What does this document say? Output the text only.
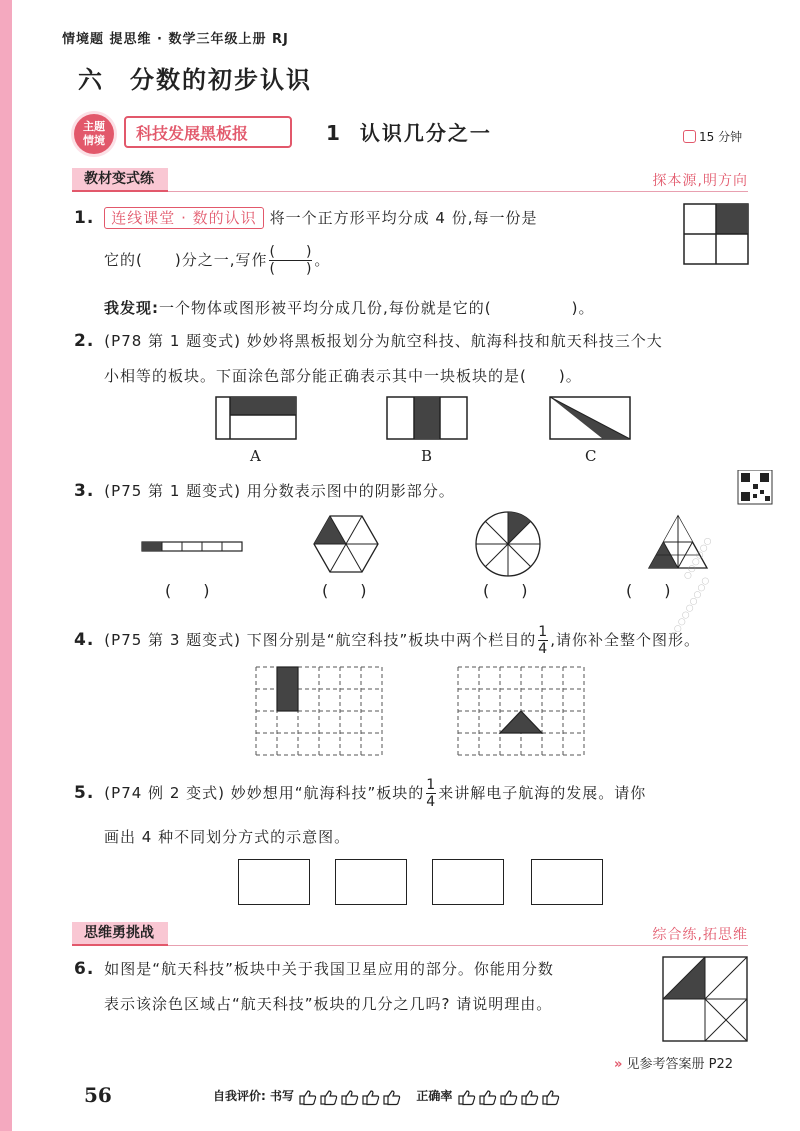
情境题 提思维 · 数学三年级上册 RJ
六 分数的初步认识
主题
情境	科技发展黑板报	1 认识几分之一	15 分钟
教材变式练	探本源,明方向
1. 连线课堂 · 数的认识 将一个正方形平均分成 4 份,每一份是
它的(　　)分之一,写作 $\frac{( )}{( )}$ 。
我发现:一个物体或图形被平均分成几份,每份就是它的(　　　　　)。
2. (P78 第 1 题变式) 妙妙将黑板报划分为航空科技、航海科技和航天科技三个大
小相等的板块。下面涂色部分能正确表示其中一块板块的是(　　)。
A	B	C
3. (P75 第 1 题变式) 用分数表示图中的阴影部分。
(　　)	(　　)	(　　)	(　　)
4. (P75 第 3 题变式) 下图分别是“航空科技”板块中两个栏目的 $\frac{1}{4}$ ,请你补全整个图形。
5. (P74 例 2 变式) 妙妙想用“航海科技”板块的 $\frac{1}{4}$ 来讲解电子航海的发展。请你
画出 4 种不同划分方式的示意图。
思维勇挑战	综合练,拓思维
6. 如图是“航天科技”板块中关于我国卫星应用的部分。你能用分数
表示该涂色区域占“航天科技”板块的几分之几吗? 请说明理由。
○○○○○○
○○○○○○○○○
» 见参考答案册 P22
56	自我评价: 书写	正确率
